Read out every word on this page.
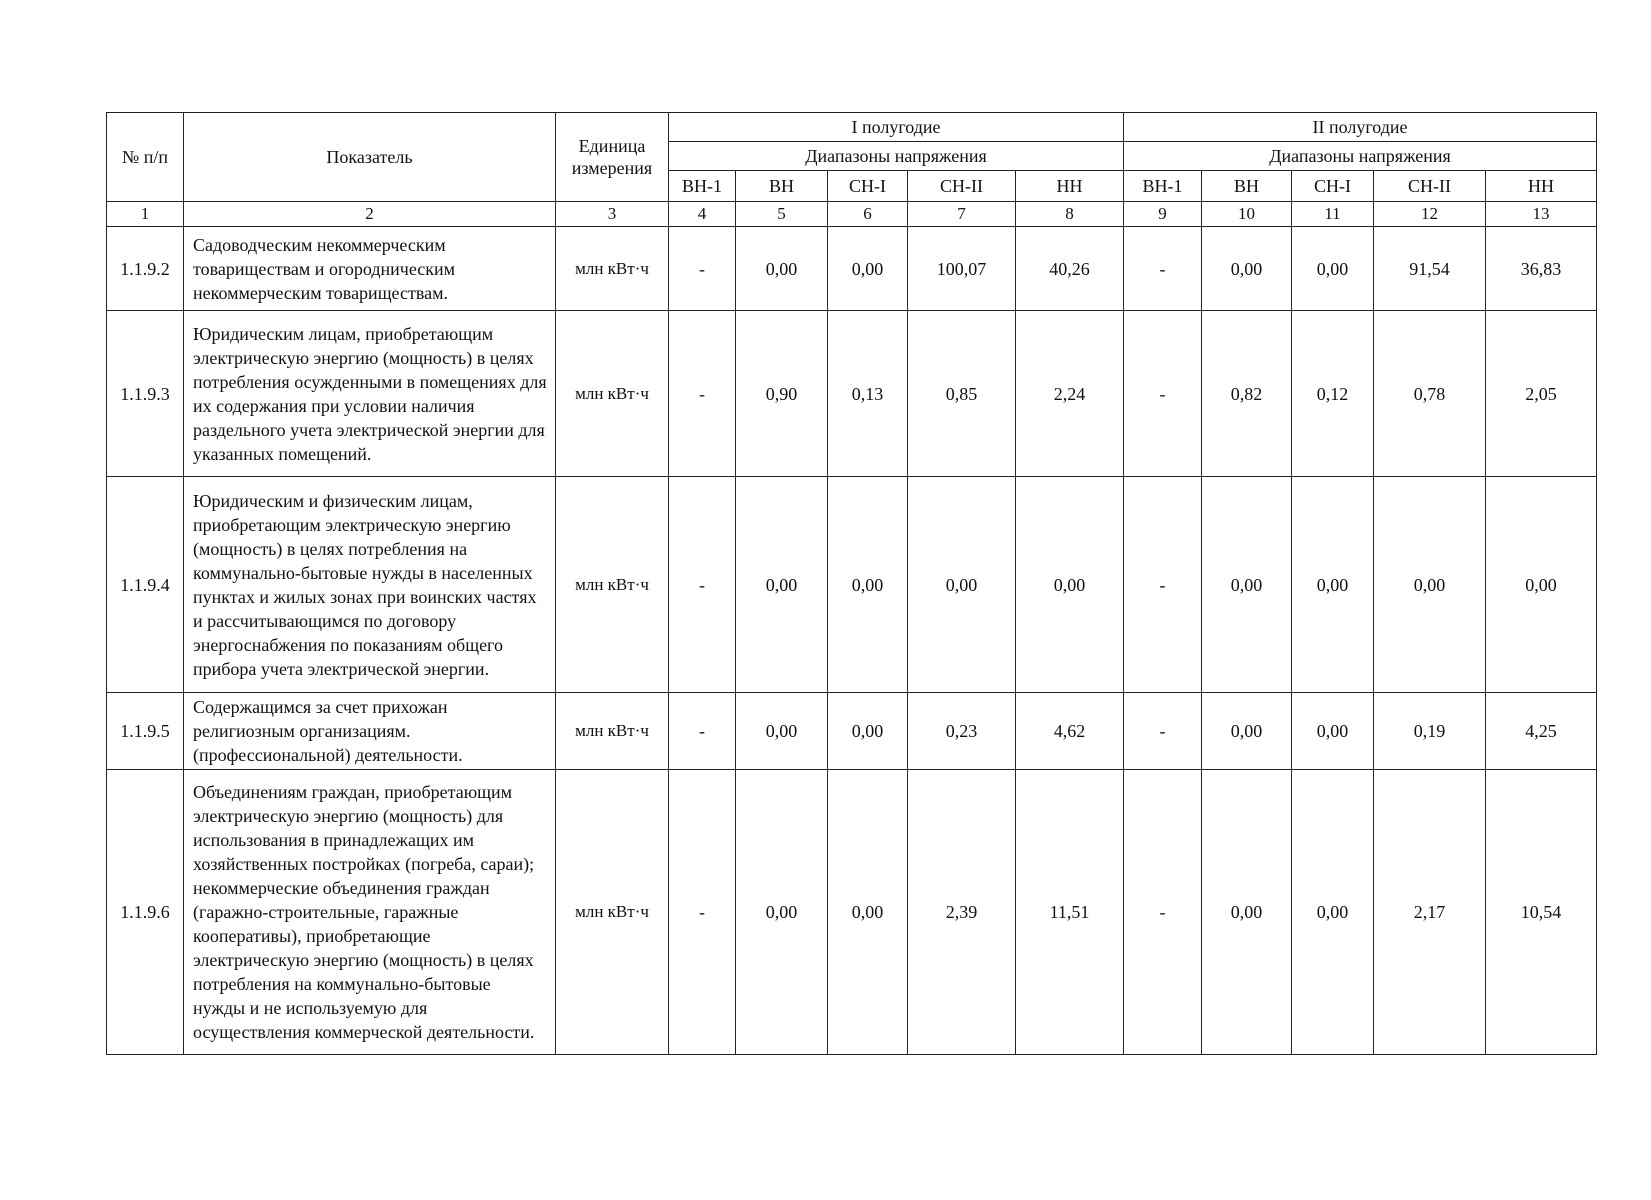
№ п/п	Показатель	Единица измерения	I полугодие					II полугодие				
			Диапазоны напряжения					Диапазоны напряжения				
			ВН-1	ВН	СН-I	СН-II	НН	ВН-1	ВН	СН-I	СН-II	НН
1	2	3	4	5	6	7	8	9	10	11	12	13
1.1.9.2	Садоводческим некоммерческим товариществам и огородническим некоммерческим товариществам.	млн кВт·ч	-	0,00	0,00	100,07	40,26	-	0,00	0,00	91,54	36,83
1.1.9.3	Юридическим лицам, приобретающим электрическую энергию (мощность) в целях потребления осужденными в помещениях для их содержания при условии наличия раздельного учета электрической энергии для указанных помещений.	млн кВт·ч	-	0,90	0,13	0,85	2,24	-	0,82	0,12	0,78	2,05
1.1.9.4	Юридическим и физическим лицам, приобретающим электрическую энергию (мощность) в целях потребления на коммунально-бытовые нужды в населенных пунктах и жилых зонах при воинских частях и рассчитывающимся по договору энергоснабжения по показаниям общего прибора учета электрической энергии.	млн кВт·ч	-	0,00	0,00	0,00	0,00	-	0,00	0,00	0,00	0,00
1.1.9.5	Содержащимся за счет прихожан религиозным организациям. (профессиональной) деятельности.	млн кВт·ч	-	0,00	0,00	0,23	4,62	-	0,00	0,00	0,19	4,25
1.1.9.6	Объединениям граждан, приобретающим электрическую энергию (мощность) для использования в принадлежащих им хозяйственных постройках (погреба, сараи); некоммерческие объединения граждан (гаражно-строительные, гаражные кооперативы), приобретающие электрическую энергию (мощность) в целях потребления на коммунально-бытовые нужды и не используемую для осуществления коммерческой деятельности.	млн кВт·ч	-	0,00	0,00	2,39	11,51	-	0,00	0,00	2,17	10,54
